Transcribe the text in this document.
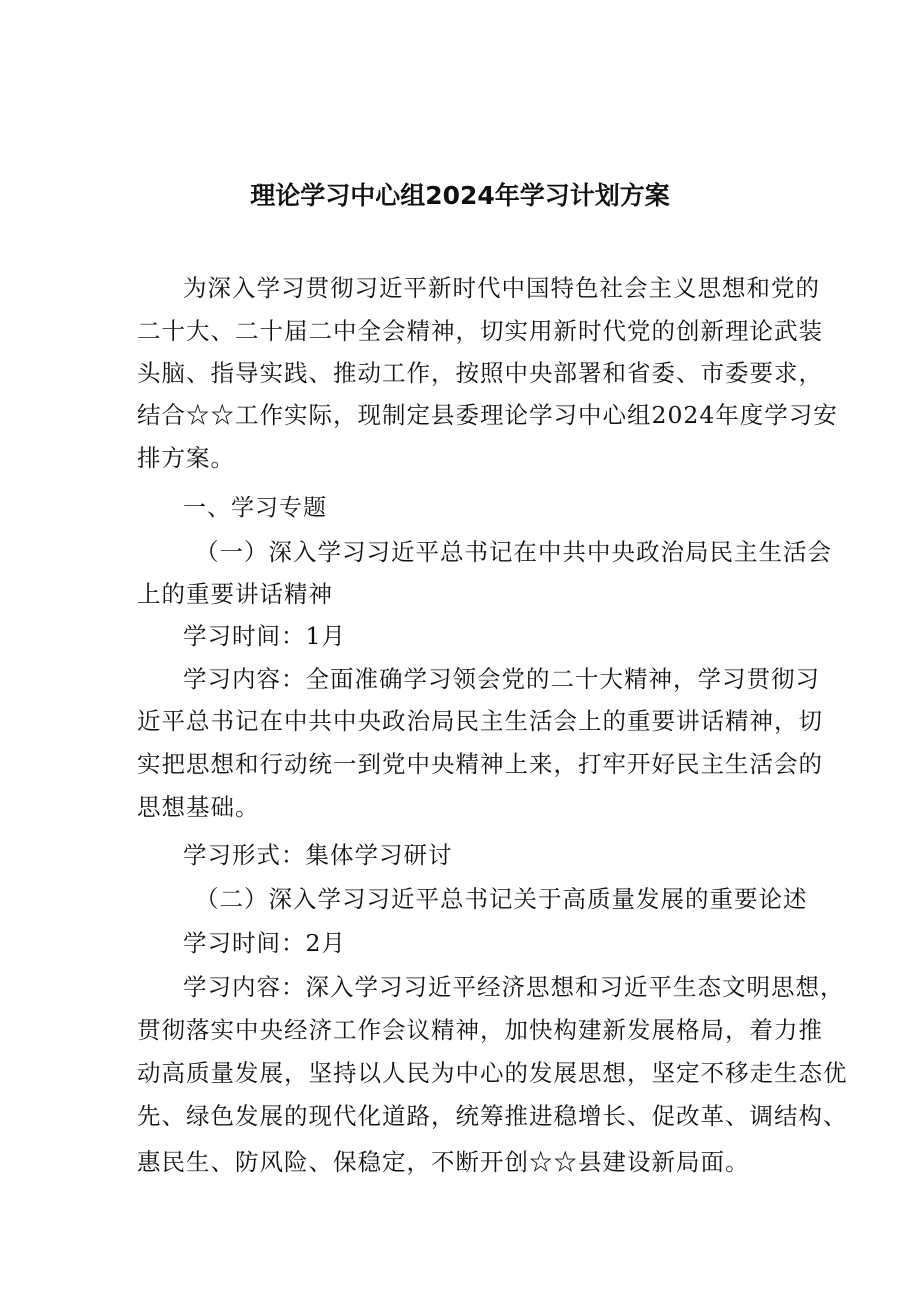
理论学习中心组2024年学习计划方案
为深入学习贯彻习近平新时代中国特色社会主义思想和党的
二十大、二十届二中全会精神，切实用新时代党的创新理论武装
头脑、指导实践、推动工作，按照中央部署和省委、市委要求，
结合☆☆工作实际，现制定县委理论学习中心组2024年度学习安
排方案。
一、学习专题
（一）深入学习习近平总书记在中共中央政治局民主生活会
上的重要讲话精神
学习时间：1月
学习内容：全面准确学习领会党的二十大精神，学习贯彻习
近平总书记在中共中央政治局民主生活会上的重要讲话精神，切
实把思想和行动统一到党中央精神上来，打牢开好民主生活会的
思想基础。
学习形式：集体学习研讨
（二）深入学习习近平总书记关于高质量发展的重要论述
学习时间：2月
学习内容：深入学习习近平经济思想和习近平生态文明思想，
贯彻落实中央经济工作会议精神，加快构建新发展格局，着力推
动高质量发展，坚持以人民为中心的发展思想，坚定不移走生态优
先、绿色发展的现代化道路，统筹推进稳增长、促改革、调结构、
惠民生、防风险、保稳定，不断开创☆☆县建设新局面。
